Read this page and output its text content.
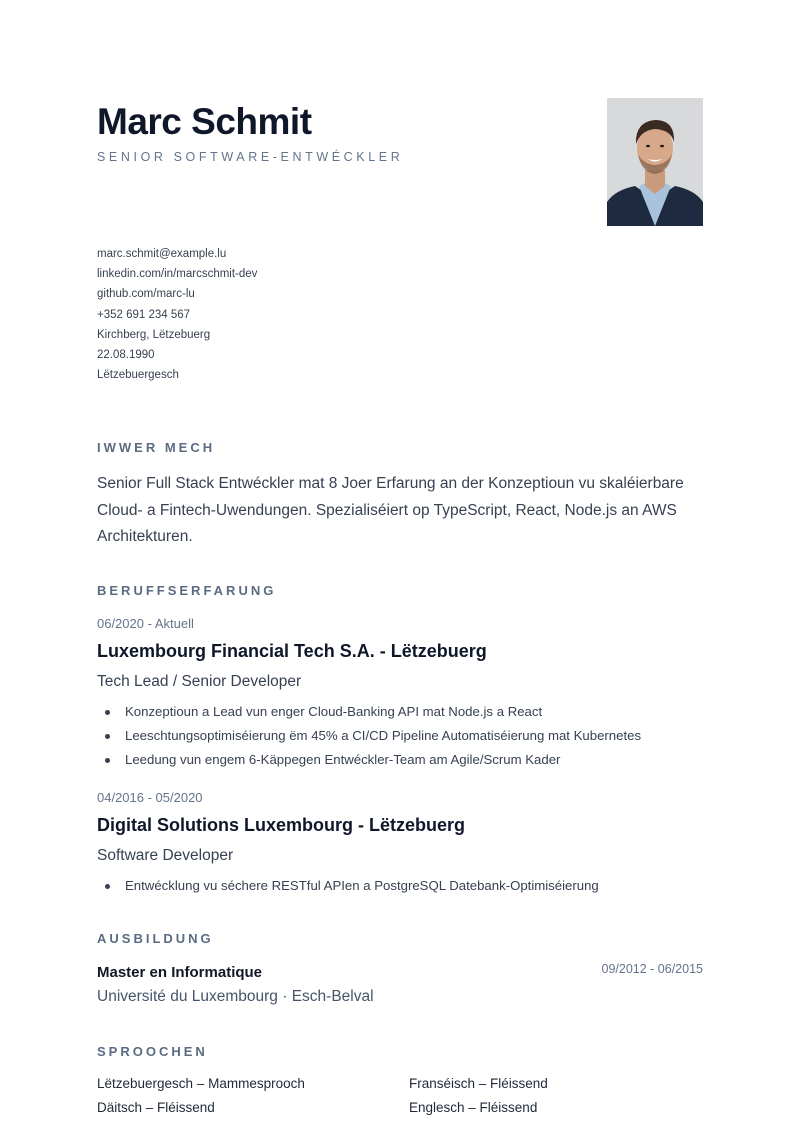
Marc Schmit
SENIOR SOFTWARE-ENTWÉCKLER
marc.schmit@example.lu
linkedin.com/in/marcschmit-dev
github.com/marc-lu
+352 691 234 567
Kirchberg, Lëtzebuerg
22.08.1990
Lëtzebuergesch
IWWER MECH
Senior Full Stack Entwéckler mat 8 Joer Erfarung an der Konzeptioun vu skaléierbare Cloud- a Fintech-Uwendungen. Spezialiséiert op TypeScript, React, Node.js an AWS Architekturen.
BERUFFSERFARUNG
06/2020 - Aktuell
Luxembourg Financial Tech S.A. - Lëtzebuerg
Tech Lead / Senior Developer
Konzeptioun a Lead vun enger Cloud-Banking API mat Node.js a React
Leeschtungsoptimiséierung ëm 45% a CI/CD Pipeline Automatiséierung mat Kubernetes
Leedung vun engem 6-Käppegen Entwéckler-Team am Agile/Scrum Kader
04/2016 - 05/2020
Digital Solutions Luxembourg - Lëtzebuerg
Software Developer
Entwécklung vu séchere RESTful APIen a PostgreSQL Datebank-Optimiséierung
AUSBILDUNG
Master en Informatique	09/2012 - 06/2015
Université du Luxembourg · Esch-Belval
SPROOCHEN
Lëtzebuergesch – Mammesprooch	Franséisch – Fléissend
Däitsch – Fléissend	Englesch – Fléissend
